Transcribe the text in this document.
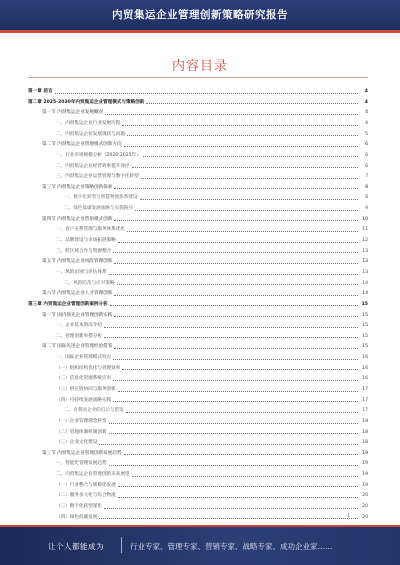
内贸集运企业管理创新策略研究报告
内容目录
第一章 前言	4
第二章 2025-2030年内贸集运企业管理模式与策略创新	4
第一节 内贸集运企业发展概况	4
一、内贸集运企业行业发展历程	4
二、内贸集运企业发展现状与问题	5
第二节 内贸集运企业管理模式创新方向	6
一、行业市场规模分析（2020-2025年）	6
二、内贸集运企业经营效率提升途径	6
三、内贸集运企业运营管理与数字化转型	7
第三节 内贸集运企业策略创新探索	8
一、数字化转型与智慧物流体系建设	8
二、绿色低碳发展战略与实施路径	9
第四节 内贸集运企业营销模式创新	10
一、客户关系管理与服务体系优化	11
二、品牌建设与市场拓展策略	12
三、跨区域合作与资源整合	13
第五节 内贸集运企业风险管理创新	13
一、风险识别与评估体系	13
二、风险防范与应对策略	14
第六节 内贸集运企业人才管理创新	14
第三章 内贸集运企业管理创新案例分析	15
第一节 国内领先企业管理创新实践	15
一、企业基本情况介绍	15
二、管理创新举措分析	15
第二节 国际先进企业管理经验借鉴	15
一、国际企业管理模式特点	16
（一）组织结构优化与管理效率	16
（二）信息化管理系统应用	16
（三）供应链协同与服务创新	17
（四）可持续发展战略实践	17
二、对我国企业的启示与借鉴	17
（一）企业管理理念转变	18
（二）管理体制机制创新	18
（三）企业文化建设	18
第三节 内贸集运企业管理创新发展趋势	19
一、智能化管理发展趋势	19
二、内贸集运企业管理创新未来展望	19
（一）行业整合与规模化发展	19
（二）服务多元化与综合物流	20
（三）数字化转型深化	20
（四）绿色低碳发展	20
1
让个人都能成为	行业专家、管理专家、营销专家、战略专家、成功企业家……
